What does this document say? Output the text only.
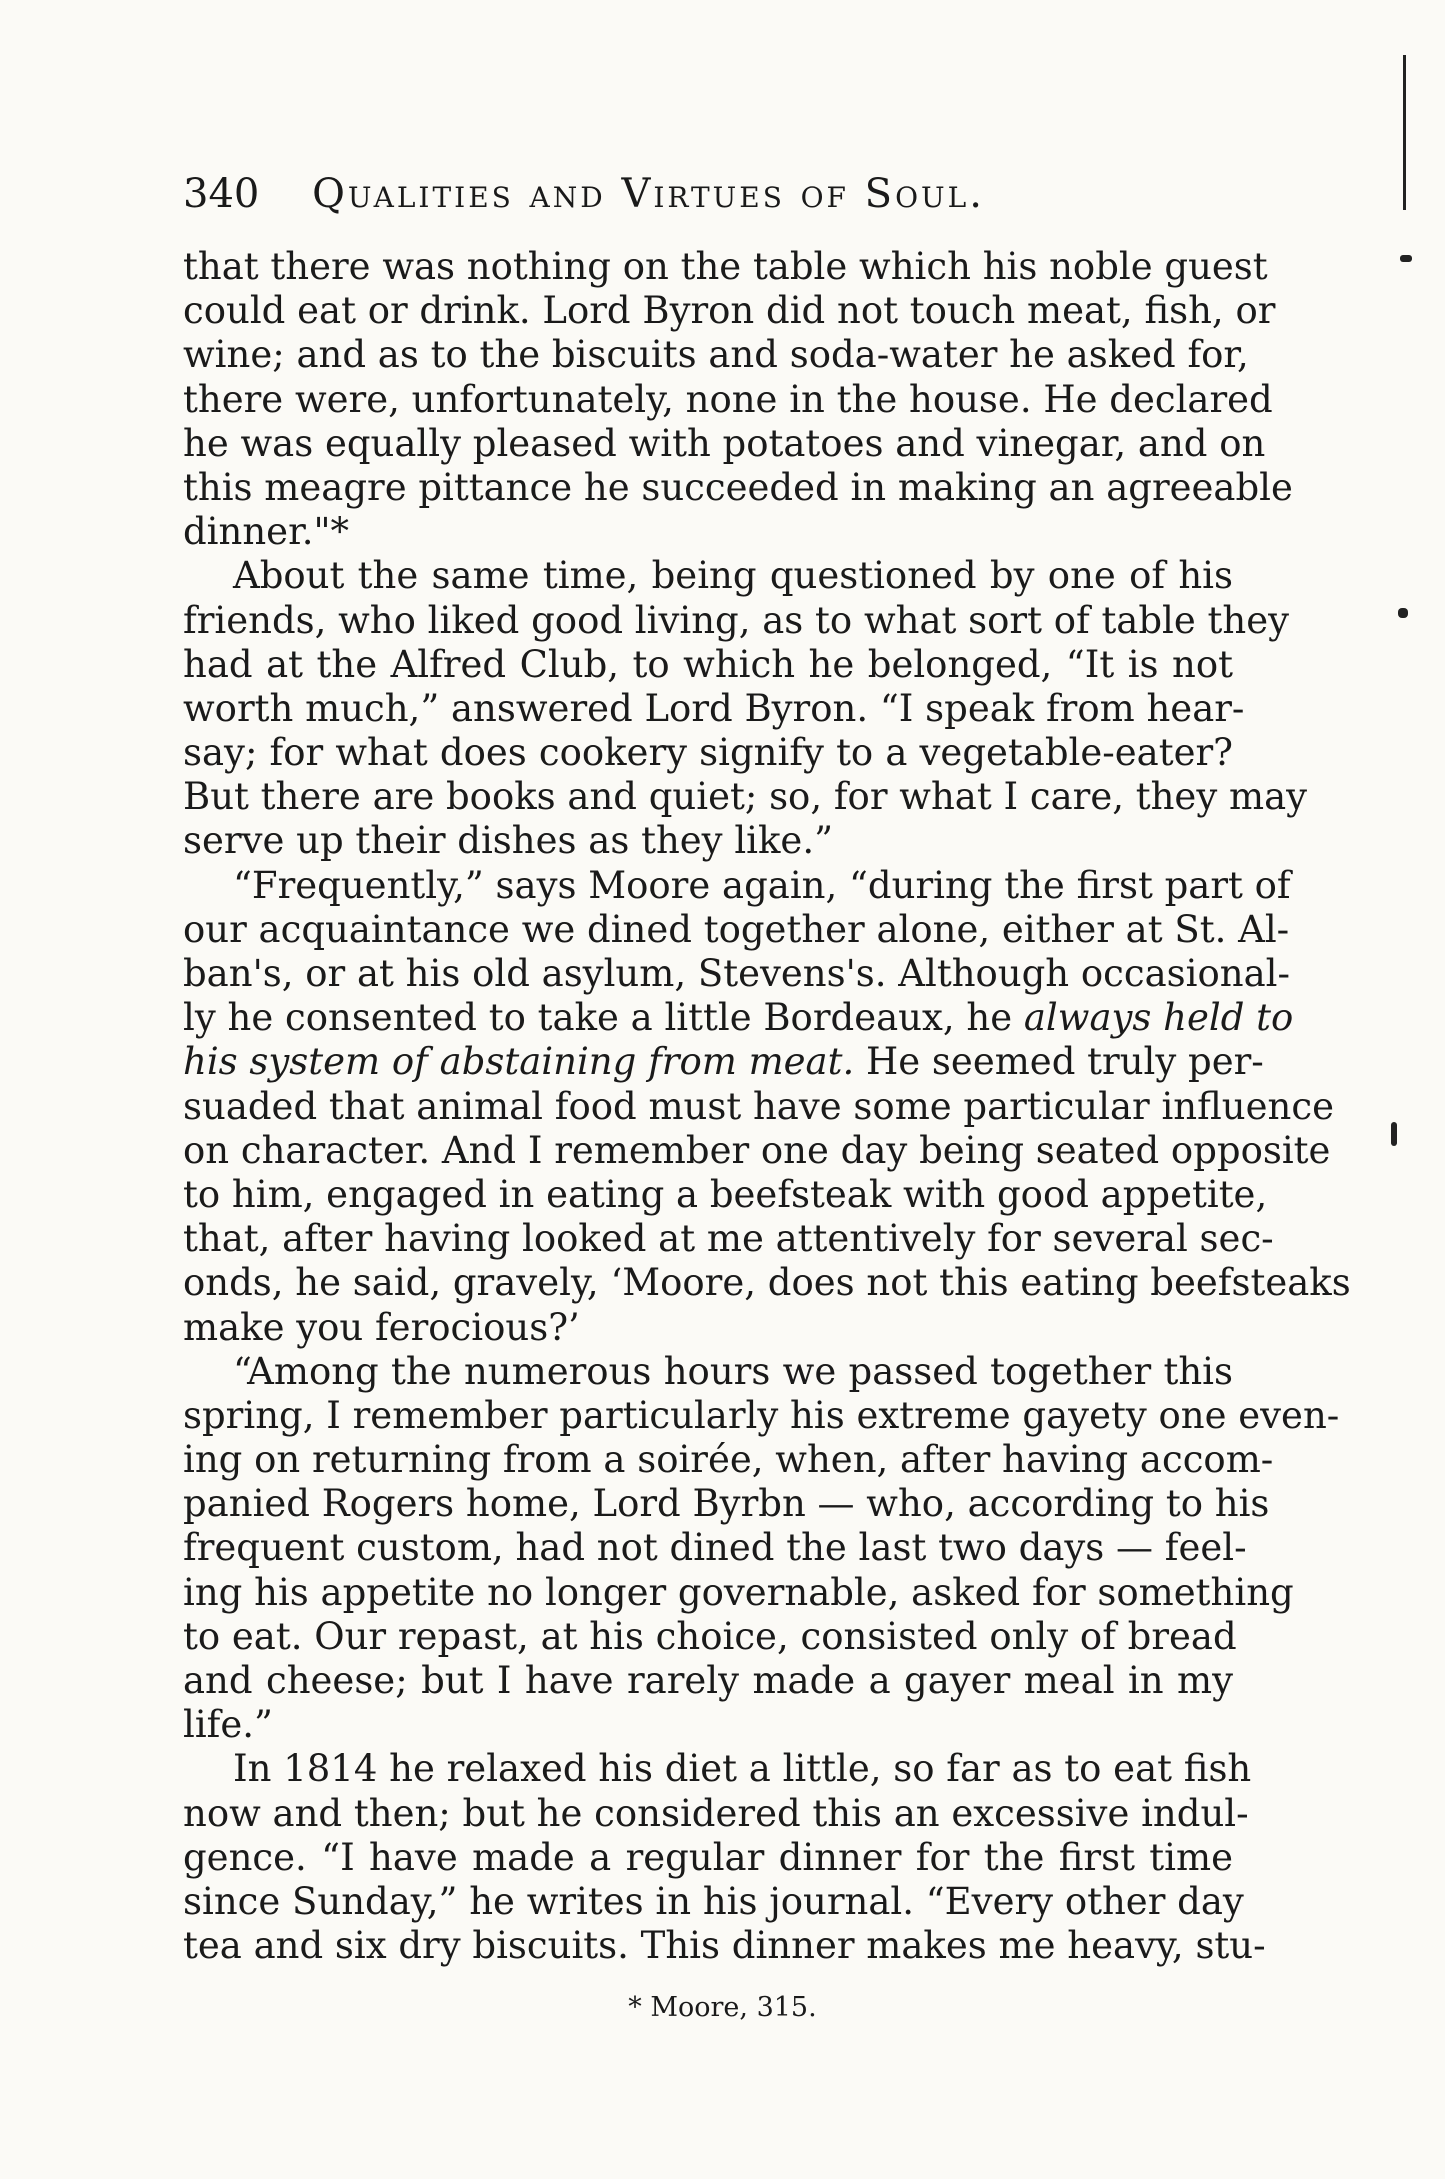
340 Qualities and Virtues of Soul.
that there was nothing on the table which his noble guest
could eat or drink. Lord Byron did not touch meat, fish, or
wine; and as to the biscuits and soda-water he asked for,
there were, unfortunately, none in the house. He declared
he was equally pleased with potatoes and vinegar, and on
this meagre pittance he succeeded in making an agreeable
dinner."*
About the same time, being questioned by one of his
friends, who liked good living, as to what sort of table they
had at the Alfred Club, to which he belonged, “It is not
worth much,” answered Lord Byron. “I speak from hear-
say; for what does cookery signify to a vegetable-eater?
But there are books and quiet; so, for what I care, they may
serve up their dishes as they like.”
“Frequently,” says Moore again, “during the first part of
our acquaintance we dined together alone, either at St. Al-
ban's, or at his old asylum, Stevens's. Although occasional-
ly he consented to take a little Bordeaux, he always held to
his system of abstaining from meat. He seemed truly per-
suaded that animal food must have some particular influence
on character. And I remember one day being seated opposite
to him, engaged in eating a beefsteak with good appetite,
that, after having looked at me attentively for several sec-
onds, he said, gravely, ‘Moore, does not this eating beefsteaks
make you ferocious?’
“Among the numerous hours we passed together this
spring, I remember particularly his extreme gayety one even-
ing on returning from a soirée, when, after having accom-
panied Rogers home, Lord Byrbn — who, according to his
frequent custom, had not dined the last two days — feel-
ing his appetite no longer governable, asked for something
to eat. Our repast, at his choice, consisted only of bread
and cheese; but I have rarely made a gayer meal in my
life.”
In 1814 he relaxed his diet a little, so far as to eat fish
now and then; but he considered this an excessive indul-
gence. “I have made a regular dinner for the first time
since Sunday,” he writes in his journal. “Every other day
tea and six dry biscuits. This dinner makes me heavy, stu-
* Moore, 315.
